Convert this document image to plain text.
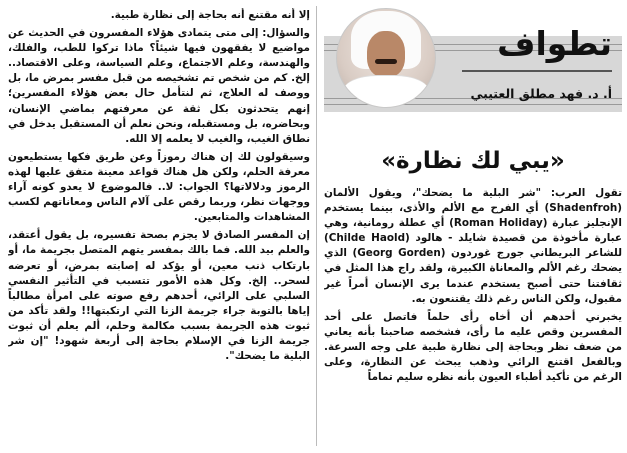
إلا أنه مقتنع أنه بحاجة إلى نظارة طبية.

والسؤال: إلى متى يتمادى هؤلاء المفسرون في الحديث عن مواضيع لا يفقهون فيها شيئاً؟ ماذا تركوا للطب، والفلك، والهندسة، وعلم الاجتماع، وعلم السياسة، وعلى الاقتصاد.. إلخ. كم من شخص تم تشخيصه من قبل مفسر بمرض ما، بل ووصف له العلاج، ثم لنتأمل حال بعض هؤلاء المفسرين؛ إنهم يتحدثون بكل ثقة عن معرفتهم بماضي الإنسان، وبحاضره، بل ومستقبله، ونحن نعلم أن المستقبل يدخل في نطاق الغيب، والغيب لا يعلمه إلا الله.

وسيقولون لك إن هناك رموزاً وعن طريق فكها يستطيعون معرفة الحلم، ولكن هل هناك قواعد معينة متفق عليها لهذه الرموز ودلالاتها؟ الجواب: لا.. فالموضوع لا يعدو كونه آراء ووجهات نظر، وربما رقص على آلام الناس ومعاناتهم لكسب المشاهدات والمتابعين.

إن المفسر الصادق لا يجزم بصحة تفسيره، بل يقول أعتقد، والعلم بيد الله. فما بالك بمفسر يتهم المتصل بجريمة ما، أو بارتكاب ذنب معين، أو يؤكد له إصابته بمرض، أو تعرضه لسحر.. إلخ. وكل هذه الأمور تتسبب في التأثير النفسي السلبي على الرائي، أحدهم رفع صوته على امرأة مطالباً إياها بالتوبة جراء جريمة الزنا التي ارتكبتها!! ولقد تأكد من ثبوت هذه الجريمة بسبب مكالمة وحلم، ألم يعلم أن ثبوت جريمة الزنا في الإسلام بحاجة إلى أربعة شهود! "إن شر البلية ما يضحك".

تطواف
أ. د. فهد مطلق العتيبي
«يبي لك نظارة»

تقول العرب: "شر البلية ما يضحك"، ويقول الألمان (Shadenfroh) أي الفرح مع الألم والأذى، بينما يستخدم الإنجليز عبارة (Roman Holiday) أي عطلة رومانية، وهي عبارة مأخوذة من قصيدة شايلد - هالود (Childe Haold) للشاعر البريطاني جورج غوردون (Georg Gorden) الذي يضحك رغم الألم والمعاناة الكبيرة، ولقد راج هذا المثل في ثقافتنا حتى أصبح يستخدم عندما يرى الإنسان أمراً غير مقبول، ولكن الناس رغم ذلك يقتنعون به.

يخبرني أحدهم أن أخاه رأى حلماً فاتصل على أحد المفسرين وقص عليه ما رأى، فشخصه صاحبنا بأنه يعاني من ضعف نظر وبحاجة إلى نظارة طبية على وجه السرعة. وبالفعل اقتنع الرائي وذهب يبحث عن النظارة، وعلى الرغم من تأكيد أطباء العيون بأنه نظره سليم تماماً
